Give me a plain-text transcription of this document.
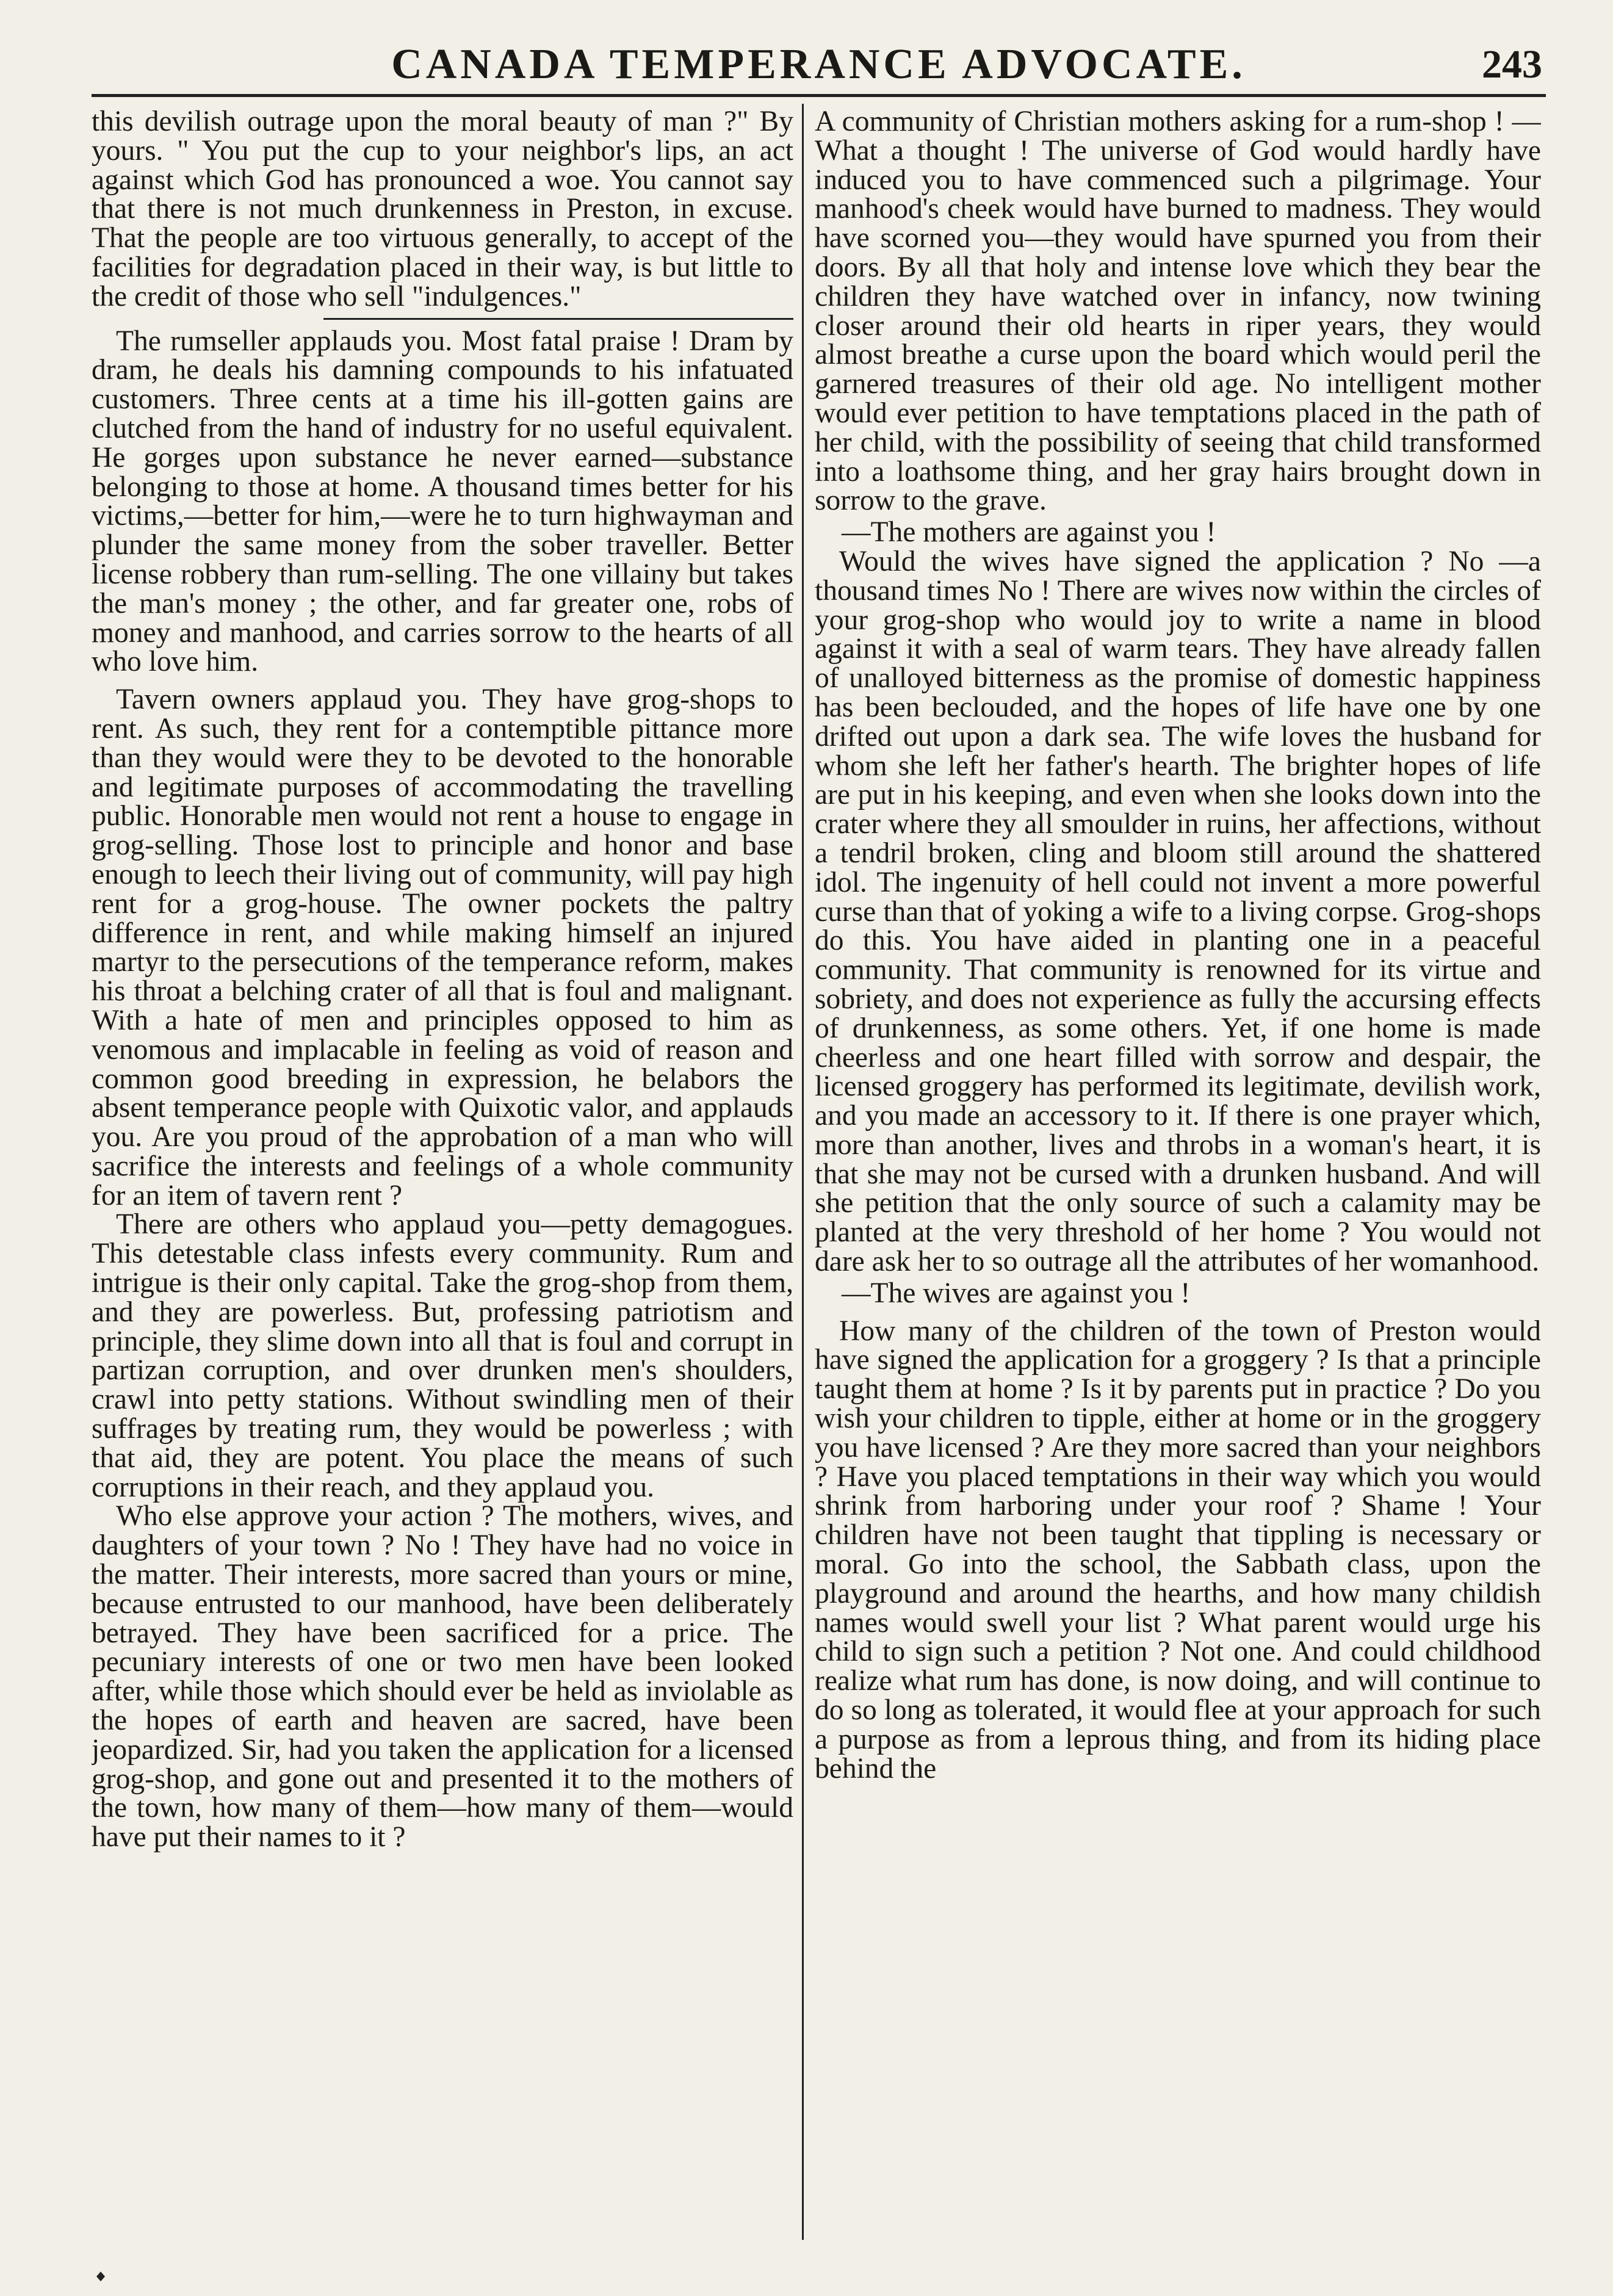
CANADA TEMPERANCE ADVOCATE.	243

this devilish outrage upon the moral beauty of man ?" By yours. " You put the cup to your neighbor's lips, an act against which God has pronounced a woe. You cannot say that there is not much drunkenness in Preston, in excuse. That the people are too virtuous generally, to accept of the facilities for degradation placed in their way, is but little to the credit of those who sell "indulgences."

The rumseller applauds you. Most fatal praise ! Dram by dram, he deals his damning compounds to his infatuated customers. Three cents at a time his ill-gotten gains are clutched from the hand of industry for no useful equivalent. He gorges upon substance he never earned—substance belonging to those at home. A thousand times better for his victims,—better for him,—were he to turn highwayman and plunder the same money from the sober traveller. Better license robbery than rum-selling. The one villainy but takes the man's money ; the other, and far greater one, robs of money and manhood, and carries sorrow to the hearts of all who love him.

Tavern owners applaud you. They have grog-shops to rent. As such, they rent for a contemptible pittance more than they would were they to be devoted to the honorable and legitimate purposes of accommodating the travelling public. Honorable men would not rent a house to engage in grog-selling. Those lost to principle and honor and base enough to leech their living out of community, will pay high rent for a grog-house. The owner pockets the paltry difference in rent, and while making himself an injured martyr to the persecutions of the temperance reform, makes his throat a belching crater of all that is foul and malignant. With a hate of men and principles opposed to him as venomous and implacable in feeling as void of reason and common good breeding in expression, he belabors the absent temperance people with Quixotic valor, and applauds you. Are you proud of the approbation of a man who will sacrifice the interests and feelings of a whole community for an item of tavern rent ?

There are others who applaud you—petty demagogues. This detestable class infests every community. Rum and intrigue is their only capital. Take the grog-shop from them, and they are powerless. But, professing patriotism and principle, they slime down into all that is foul and corrupt in partizan corruption, and over drunken men's shoulders, crawl into petty stations. Without swindling men of their suffrages by treating rum, they would be powerless ; with that aid, they are potent. You place the means of such corruptions in their reach, and they applaud you.

Who else approve your action ? The mothers, wives, and daughters of your town ? No ! They have had no voice in the matter. Their interests, more sacred than yours or mine, because entrusted to our manhood, have been deliberately betrayed. They have been sacrificed for a price. The pecuniary interests of one or two men have been looked after, while those which should ever be held as inviolable as the hopes of earth and heaven are sacred, have been jeopardized. Sir, had you taken the application for a licensed grog-shop, and gone out and presented it to the mothers of the town, how many of them—how many of them—would have put their names to it ?

A community of Christian mothers asking for a rum-shop ! — What a thought ! The universe of God would hardly have induced you to have commenced such a pilgrimage. Your manhood's cheek would have burned to madness. They would have scorned you—they would have spurned you from their doors. By all that holy and intense love which they bear the children they have watched over in infancy, now twining closer around their old hearts in riper years, they would almost breathe a curse upon the board which would peril the garnered treasures of their old age. No intelligent mother would ever petition to have temptations placed in the path of her child, with the possibility of seeing that child transformed into a loathsome thing, and her gray hairs brought down in sorrow to the grave.

—The mothers are against you !

Would the wives have signed the application ? No —a thousand times No ! There are wives now within the circles of your grog-shop who would joy to write a name in blood against it with a seal of warm tears. They have already fallen of unalloyed bitterness as the promise of domestic happiness has been beclouded, and the hopes of life have one by one drifted out upon a dark sea. The wife loves the husband for whom she left her father's hearth. The brighter hopes of life are put in his keeping, and even when she looks down into the crater where they all smoulder in ruins, her affections, without a tendril broken, cling and bloom still around the shattered idol. The ingenuity of hell could not invent a more powerful curse than that of yoking a wife to a living corpse. Grog-shops do this. You have aided in planting one in a peaceful community. That community is renowned for its virtue and sobriety, and does not experience as fully the accursing effects of drunkenness, as some others. Yet, if one home is made cheerless and one heart filled with sorrow and despair, the licensed groggery has performed its legitimate, devilish work, and you made an accessory to it. If there is one prayer which, more than another, lives and throbs in a woman's heart, it is that she may not be cursed with a drunken husband. And will she petition that the only source of such a calamity may be planted at the very threshold of her home ? You would not dare ask her to so outrage all the attributes of her womanhood.

—The wives are against you !

How many of the children of the town of Preston would have signed the application for a groggery ? Is that a principle taught them at home ? Is it by parents put in practice ? Do you wish your children to tipple, either at home or in the groggery you have licensed ? Are they more sacred than your neighbors ? Have you placed temptations in their way which you would shrink from harboring under your roof ? Shame ! Your children have not been taught that tippling is necessary or moral. Go into the school, the Sabbath class, upon the playground and around the hearths, and how many childish names would swell your list ? What parent would urge his child to sign such a petition ? Not one. And could childhood realize what rum has done, is now doing, and will continue to do so long as tolerated, it would flee at your approach for such a purpose as from a leprous thing, and from its hiding place behind the
